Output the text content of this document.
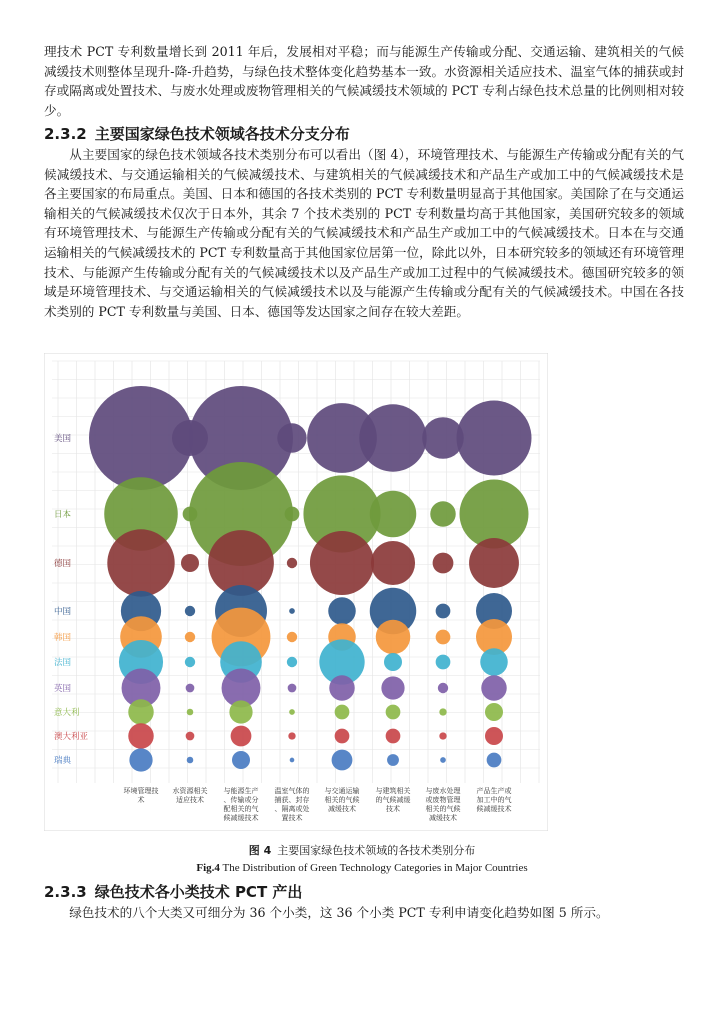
理技术 PCT 专利数量增长到 2011 年后，发展相对平稳；而与能源生产传输或分配、交通运输、建筑相关的气候减缓技术则整体呈现升-降-升趋势，与绿色技术整体变化趋势基本一致。水资源相关适应技术、温室气体的捕获或封存或隔离或处置技术、与废水处理或废物管理相关的气候减缓技术领域的 PCT 专利占绿色技术总量的比例则相对较少。

2.3.2 主要国家绿色技术领域各技术分支分布

从主要国家的绿色技术领域各技术类别分布可以看出（图 4），环境管理技术、与能源生产传输或分配有关的气候减缓技术、与交通运输相关的气候减缓技术、与建筑相关的气候减缓技术和产品生产或加工中的气候减缓技术是各主要国家的布局重点。美国、日本和德国的各技术类别的 PCT 专利数量明显高于其他国家。美国除了在与交通运输相关的气候减缓技术仅次于日本外，其余 7 个技术类别的 PCT 专利数量均高于其他国家，美国研究较多的领域有环境管理技术、与能源生产传输或分配有关的气候减缓技术和产品生产或加工中的气候减缓技术。日本在与交通运输相关的气候减缓技术的 PCT 专利数量高于其他国家位居第一位，除此以外，日本研究较多的领域还有环境管理技术、与能源产生传输或分配有关的气候减缓技术以及产品生产或加工过程中的气候减缓技术。德国研究较多的领域是环境管理技术、与交通运输相关的气候减缓技术以及与能源产生传输或分配有关的气候减缓技术。中国在各技术类别的 PCT 专利数量与美国、日本、德国等发达国家之间存在较大差距。

美国
日本
德国
中国
韩国
法国
英国
意大利
澳大利亚
瑞典
环境管理技术
水资源相关适应技术
与能源生产、传输或分配相关的气候减缓技术
温室气体的捕获、封存、隔离或处置技术
与交通运输相关的气候减缓技术
与建筑相关的气候减缓技术
与废水处理或废物管理相关的气候减缓技术
产品生产或加工中的气候减缓技术

图 4 主要国家绿色技术领域的各技术类别分布

Fig.4 The Distribution of Green Technology Categories in Major Countries

2.3.3 绿色技术各小类技术 PCT 产出

绿色技术的八个大类又可细分为 36 个小类，这 36 个小类 PCT 专利申请变化趋势如图 5 所示。
